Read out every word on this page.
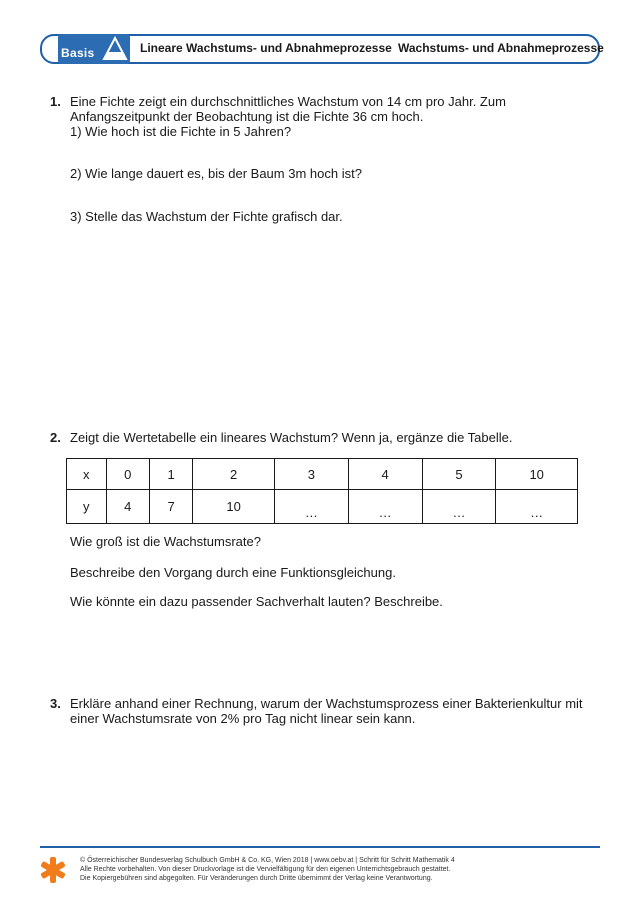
Basis	Lineare Wachstums- und Abnahmeprozesse Wachstums- und Abnahmeprozesse
1. Eine Fichte zeigt ein durchschnittliches Wachstum von 14 cm pro Jahr. Zum
Anfangszeitpunkt der Beobachtung ist die Fichte 36 cm hoch.
1) Wie hoch ist die Fichte in 5 Jahren?
2) Wie lange dauert es, bis der Baum 3m hoch ist?
3) Stelle das Wachstum der Fichte grafisch dar.
2. Zeigt die Wertetabelle ein lineares Wachstum? Wenn ja, ergänze die Tabelle.
x	0	1	2	3	4	5	10
y	4	7	10	…	…	…	…
Wie groß ist die Wachstumsrate?
Beschreibe den Vorgang durch eine Funktionsgleichung.
Wie könnte ein dazu passender Sachverhalt lauten? Beschreibe.
3. Erkläre anhand einer Rechnung, warum der Wachstumsprozess einer Bakterienkultur mit
einer Wachstumsrate von 2% pro Tag nicht linear sein kann.
© Österreichischer Bundesverlag Schulbuch GmbH & Co. KG, Wien 2018 | www.oebv.at | Schritt für Schritt Mathematik 4
Alle Rechte vorbehalten. Von dieser Druckvorlage ist die Vervielfältigung für den eigenen Unterrichtsgebrauch gestattet.
Die Kopiergebühren sind abgegolten. Für Veränderungen durch Dritte übernimmt der Verlag keine Verantwortung.
